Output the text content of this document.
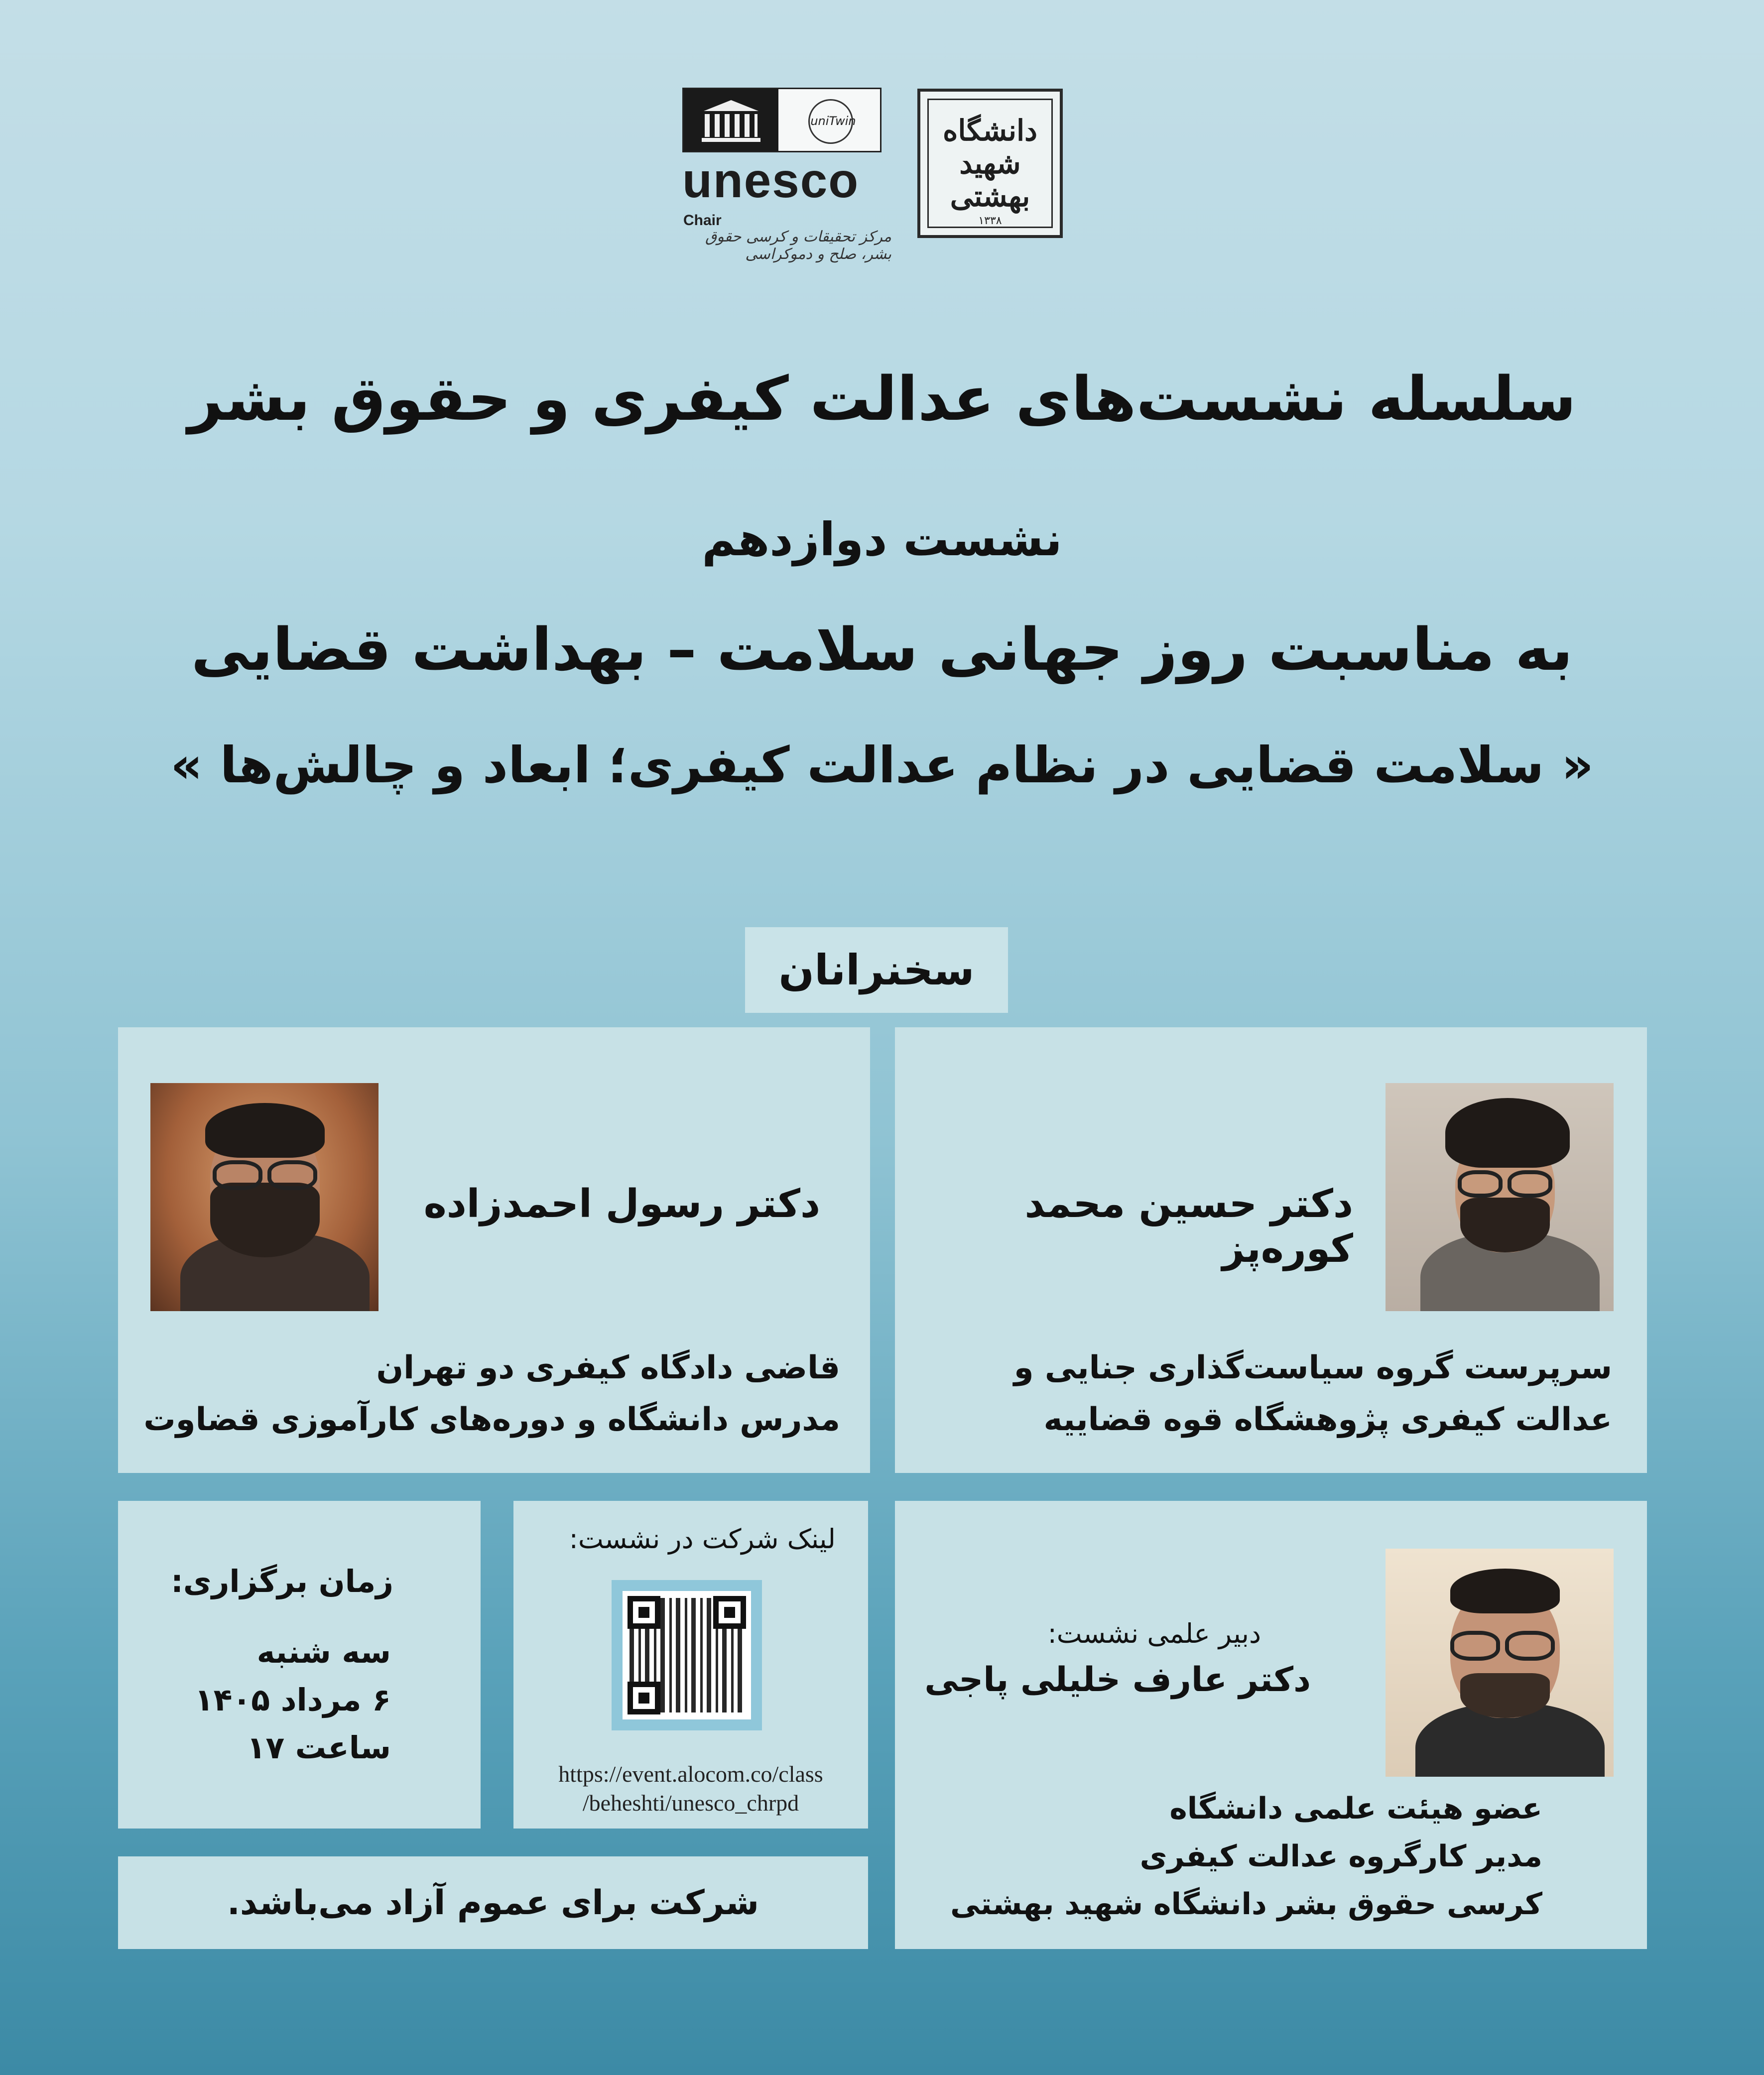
uniTwin
unesco
Chair
مرکز تحقیقات و کرسی حقوق بشر، صلح و دموکراسی
دانشگاه
شهید
بهشتی
۱۳۳۸
سلسله نشست‌های عدالت کیفری و حقوق بشر
نشست دوازدهم
به مناسبت روز جهانی سلامت – بهداشت قضایی
« سلامت قضایی در نظام عدالت کیفری؛ ابعاد و چالش‌ها »
سخنرانان
دکتر حسین محمد کوره‌پز
سرپرست گروه سیاست‌گذاری جنایی و
عدالت کیفری پژوهشگاه قوه قضاییه
دکتر رسول احمدزاده
قاضی دادگاه کیفری دو تهران
مدرس دانشگاه و دوره‌های کارآموزی قضاوت
دبیر علمی نشست:
دکتر عارف خلیلی پاجی
عضو هیئت علمی دانشگاه
مدیر کارگروه عدالت کیفری
کرسی حقوق بشر دانشگاه شهید بهشتی
لینک شرکت در نشست:
https://event.alocom.co/class
/beheshti/unesco_chrpd
زمان برگزاری:
سه شنبه
۶ مرداد ۱۴۰۵
ساعت ۱۷
شرکت برای عموم آزاد می‌باشد.
